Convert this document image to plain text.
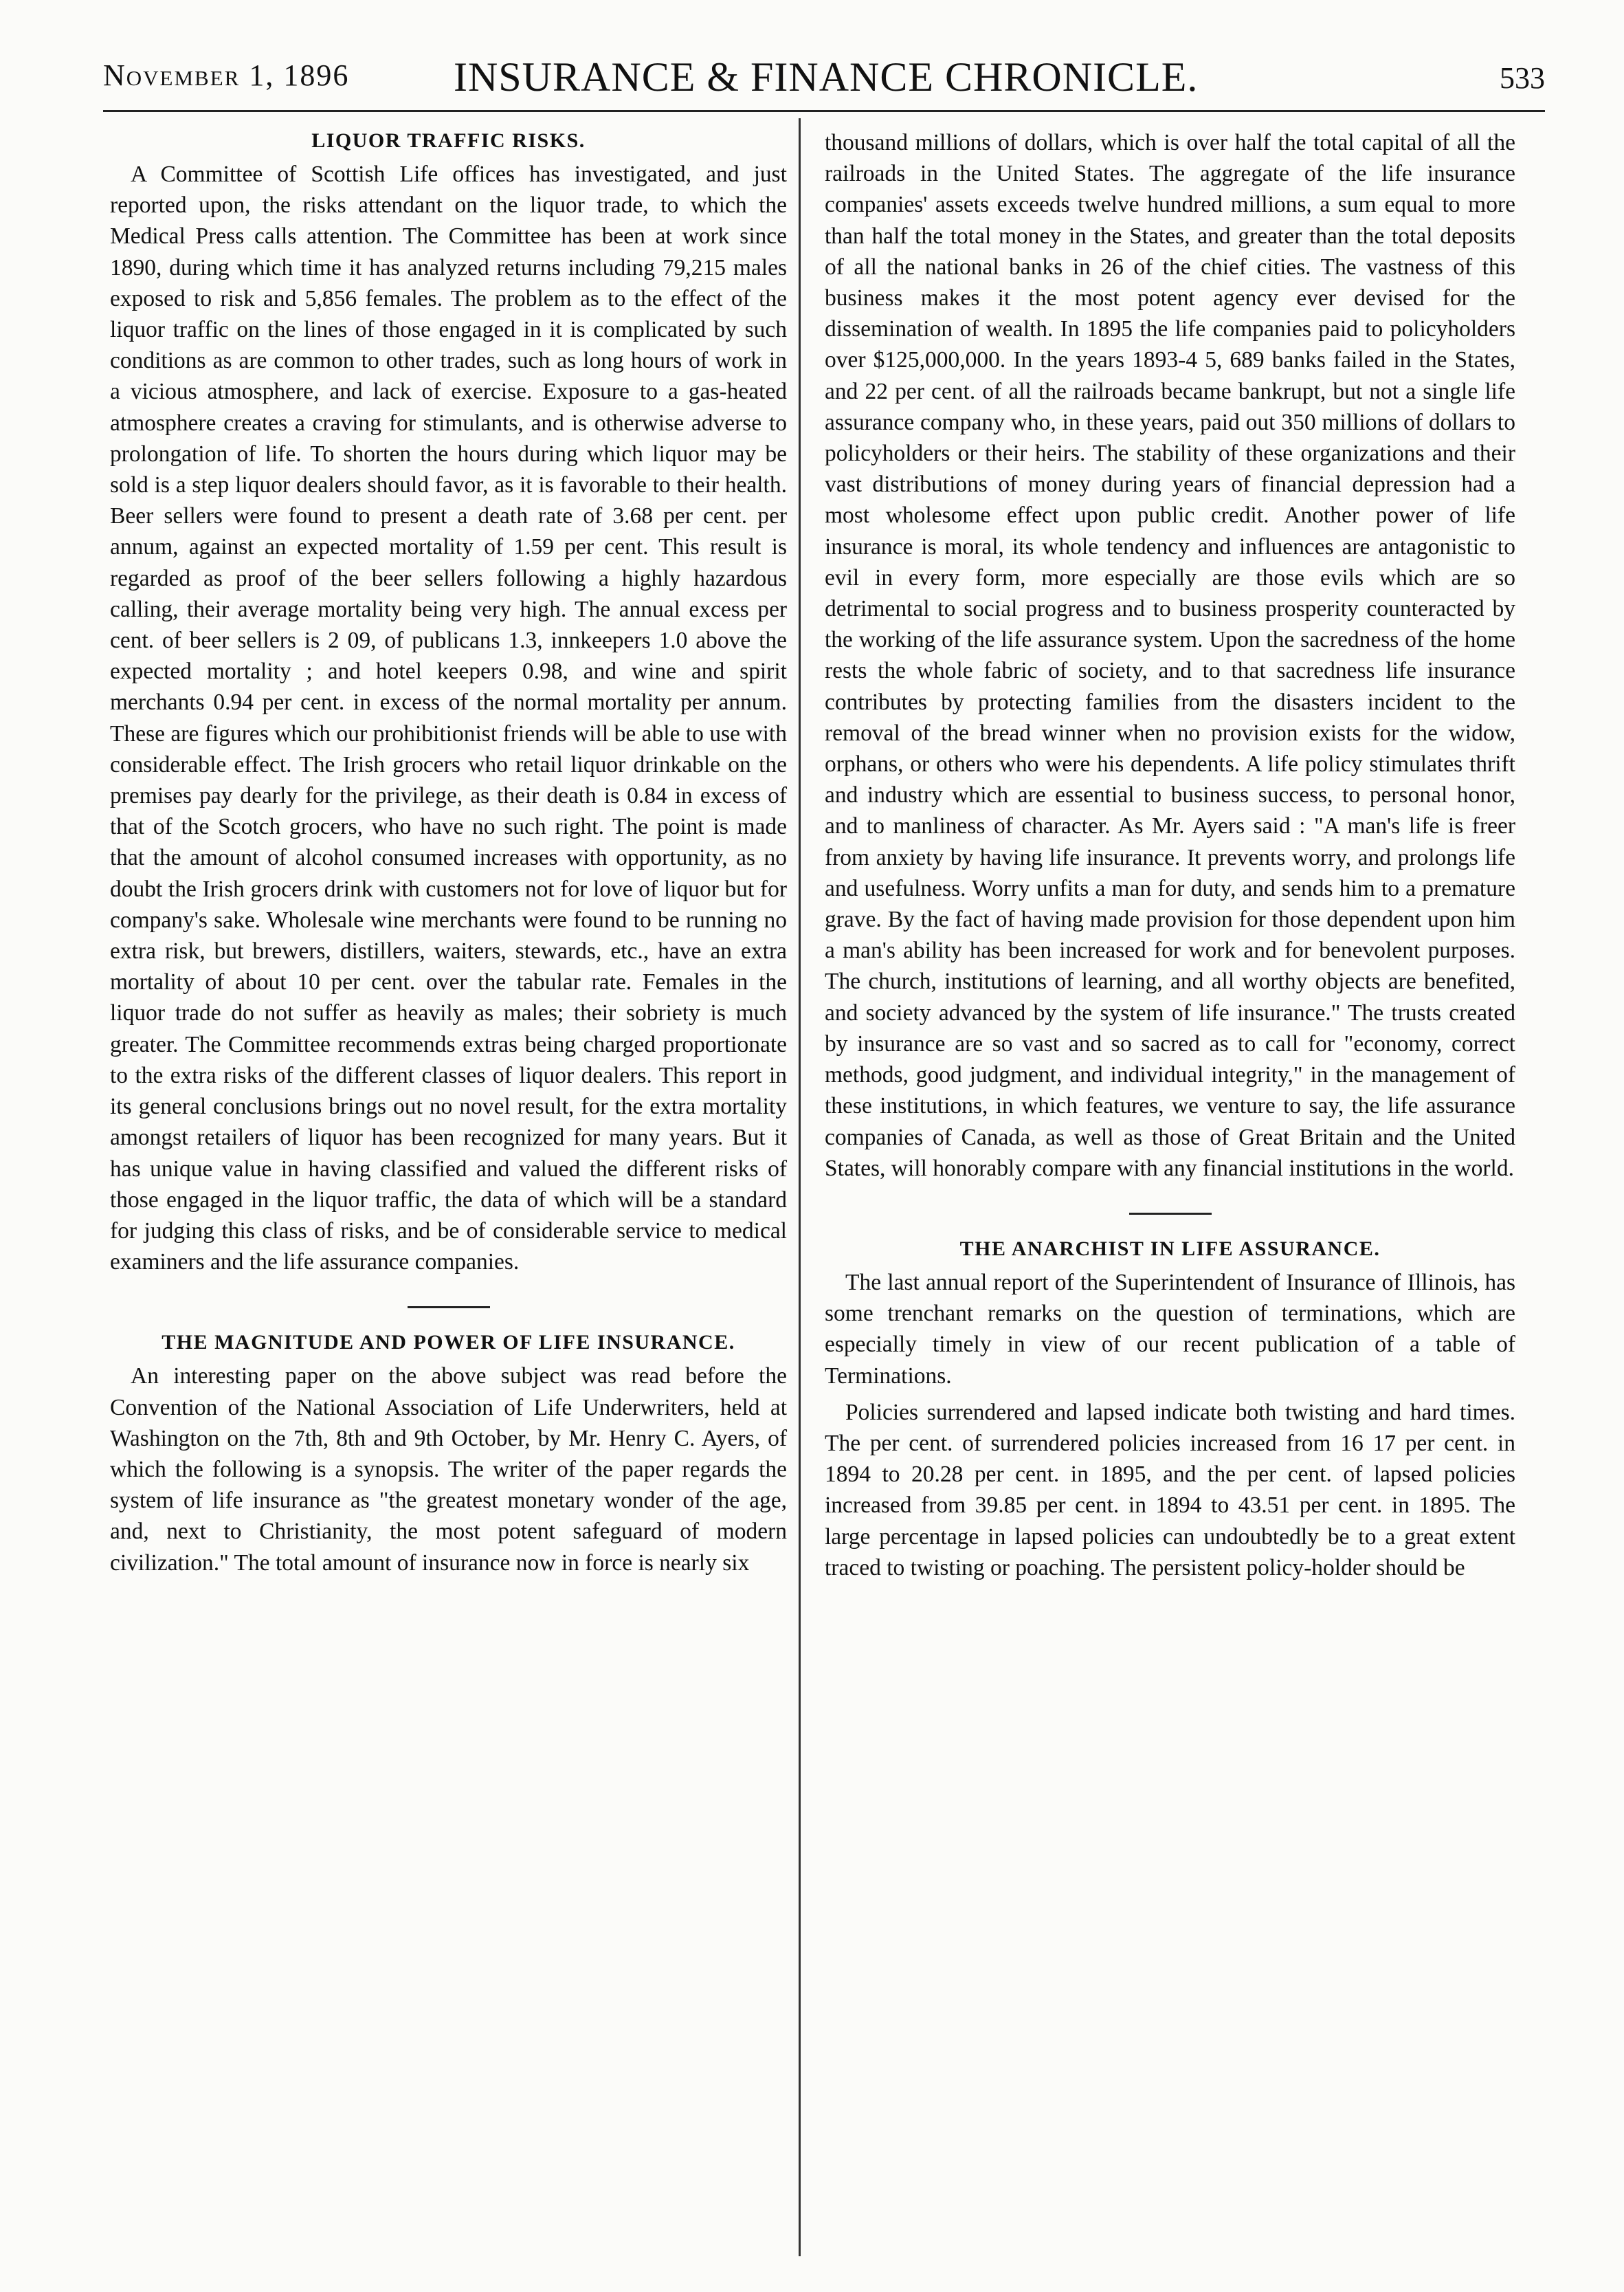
November 1, 1896	INSURANCE & FINANCE CHRONICLE.	533
LIQUOR TRAFFIC RISKS.

A Committee of Scottish Life offices has investigated, and just reported upon, the risks attendant on the liquor trade, to which the Medical Press calls attention. The Committee has been at work since 1890, during which time it has analyzed returns including 79,215 males exposed to risk and 5,856 females. The problem as to the effect of the liquor traffic on the lines of those engaged in it is complicated by such conditions as are common to other trades, such as long hours of work in a vicious atmosphere, and lack of exercise. Exposure to a gas-heated atmosphere creates a craving for stimulants, and is otherwise adverse to prolongation of life. To shorten the hours during which liquor may be sold is a step liquor dealers should favor, as it is favorable to their health. Beer sellers were found to present a death rate of 3.68 per cent. per annum, against an expected mortality of 1.59 per cent. This result is regarded as proof of the beer sellers following a highly hazardous calling, their average mortality being very high. The annual excess per cent. of beer sellers is 2 09, of publicans 1.3, innkeepers 1.0 above the expected mortality ; and hotel keepers 0.98, and wine and spirit merchants 0.94 per cent. in excess of the normal mortality per annum. These are figures which our prohibitionist friends will be able to use with considerable effect. The Irish grocers who retail liquor drinkable on the premises pay dearly for the privilege, as their death is 0.84 in excess of that of the Scotch grocers, who have no such right. The point is made that the amount of alcohol consumed increases with opportunity, as no doubt the Irish grocers drink with customers not for love of liquor but for company's sake. Wholesale wine merchants were found to be running no extra risk, but brewers, distillers, waiters, stewards, etc., have an extra mortality of about 10 per cent. over the tabular rate. Females in the liquor trade do not suffer as heavily as males; their sobriety is much greater. The Committee recommends extras being charged proportionate to the extra risks of the different classes of liquor dealers. This report in its general conclusions brings out no novel result, for the extra mortality amongst retailers of liquor has been recognized for many years. But it has unique value in having classified and valued the different risks of those engaged in the liquor traffic, the data of which will be a standard for judging this class of risks, and be of considerable service to medical examiners and the life assurance companies.

THE MAGNITUDE AND POWER OF LIFE INSURANCE.

An interesting paper on the above subject was read before the Convention of the National Association of Life Underwriters, held at Washington on the 7th, 8th and 9th October, by Mr. Henry C. Ayers, of which the following is a synopsis. The writer of the paper regards the system of life insurance as "the greatest monetary wonder of the age, and, next to Christianity, the most potent safeguard of modern civilization." The total amount of insurance now in force is nearly six

thousand millions of dollars, which is over half the total capital of all the railroads in the United States. The aggregate of the life insurance companies' assets exceeds twelve hundred millions, a sum equal to more than half the total money in the States, and greater than the total deposits of all the national banks in 26 of the chief cities. The vastness of this business makes it the most potent agency ever devised for the dissemination of wealth. In 1895 the life companies paid to policyholders over $125,000,000. In the years 1893-4 5, 689 banks failed in the States, and 22 per cent. of all the railroads became bankrupt, but not a single life assurance company who, in these years, paid out 350 millions of dollars to policyholders or their heirs. The stability of these organizations and their vast distributions of money during years of financial depression had a most wholesome effect upon public credit. Another power of life insurance is moral, its whole tendency and influences are antagonistic to evil in every form, more especially are those evils which are so detrimental to social progress and to business prosperity counteracted by the working of the life assurance system. Upon the sacredness of the home rests the whole fabric of society, and to that sacredness life insurance contributes by protecting families from the disasters incident to the removal of the bread winner when no provision exists for the widow, orphans, or others who were his dependents. A life policy stimulates thrift and industry which are essential to business success, to personal honor, and to manliness of character. As Mr. Ayers said : "A man's life is freer from anxiety by having life insurance. It prevents worry, and prolongs life and usefulness. Worry unfits a man for duty, and sends him to a premature grave. By the fact of having made provision for those dependent upon him a man's ability has been increased for work and for benevolent purposes. The church, institutions of learning, and all worthy objects are benefited, and society advanced by the system of life insurance." The trusts created by insurance are so vast and so sacred as to call for "economy, correct methods, good judgment, and individual integrity," in the management of these institutions, in which features, we venture to say, the life assurance companies of Canada, as well as those of Great Britain and the United States, will honorably compare with any financial institutions in the world.

THE ANARCHIST IN LIFE ASSURANCE.

The last annual report of the Superintendent of Insurance of Illinois, has some trenchant remarks on the question of terminations, which are especially timely in view of our recent publication of a table of Terminations.

Policies surrendered and lapsed indicate both twisting and hard times. The per cent. of surrendered policies increased from 16 17 per cent. in 1894 to 20.28 per cent. in 1895, and the per cent. of lapsed policies increased from 39.85 per cent. in 1894 to 43.51 per cent. in 1895. The large percentage in lapsed policies can undoubtedly be to a great extent traced to twisting or poaching. The persistent policy-holder should be
